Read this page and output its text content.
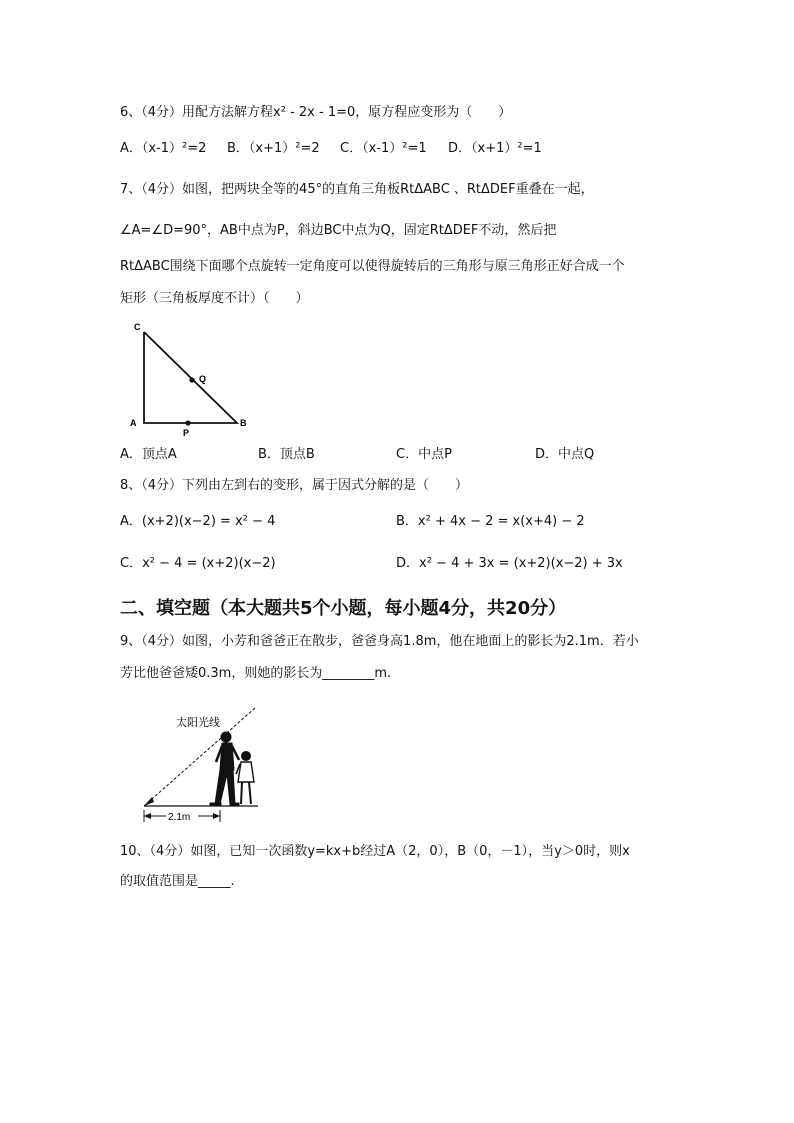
6、（4分）用配方法解方程x² - 2x - 1=0，原方程应变形为（　　）
A．（x-1）²=2 B．（x+1）²=2 C．（x-1）²=1 D．（x+1）²=1
7、（4分）如图，把两块全等的45°的直角三角板RtΔABC 、RtΔDEF重叠在一起，
∠A=∠D=90°，AB中点为P，斜边BC中点为Q，固定RtΔDEF不动，然后把
RtΔABC围绕下面哪个点旋转一定角度可以使得旋转后的三角形与原三角形正好合成一个
矩形（三角板厚度不计）（　　）
C
A	B
Q
P
A．顶点A	B．顶点B	C．中点P	D．中点Q
8、（4分）下列由左到右的变形，属于因式分解的是（　　）
A．(x+2)(x−2) = x² − 4	B．x² + 4x − 2 = x(x+4) − 2
C．x² − 4 = (x+2)(x−2)	D．x² − 4 + 3x = (x+2)(x−2) + 3x
二、填空题（本大题共5个小题，每小题4分，共20分）
9、（4分）如图，小芳和爸爸正在散步，爸爸身高1.8m，他在地面上的影长为2.1m．若小
芳比他爸爸矮0.3m，则她的影长为________m.
太阳光线
2.1m
10、（4分）如图，已知一次函数y=kx+b经过A（2，0），B（0，－1），当y＞0时，则x
的取值范围是_____.
